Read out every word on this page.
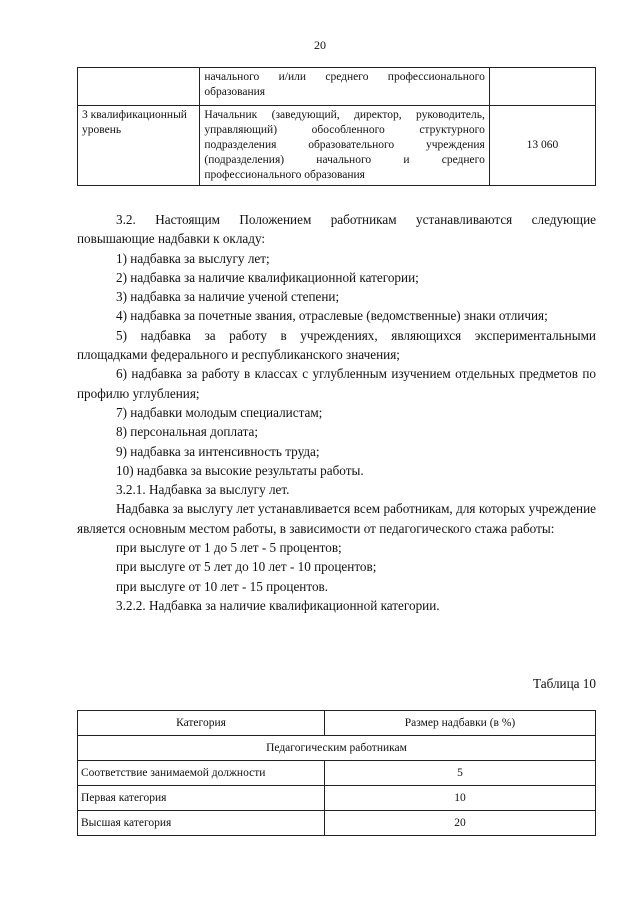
20
	начального и/или среднего профессионального образования	
3 квалификационный уровень	Начальник (заведующий, директор, руководитель, управляющий) обособленного структурного подразделения образовательного учреждения (подразделения) начального и среднего профессионального образования	13 060

3.2. Настоящим Положением работникам устанавливаются следующие повышающие надбавки к окладу:

1) надбавка за выслугу лет;

2) надбавка за наличие квалификационной категории;

3) надбавка за наличие ученой степени;

4) надбавка за почетные звания, отраслевые (ведомственные) знаки отличия;

5) надбавка за работу в учреждениях, являющихся экспериментальными площадками федерального и республиканского значения;

6) надбавка за работу в классах с углубленным изучением отдельных предметов по профилю углубления;

7) надбавки молодым специалистам;

8) персональная доплата;

9) надбавка за интенсивность труда;

10) надбавка за высокие результаты работы.

3.2.1. Надбавка за выслугу лет.

Надбавка за выслугу лет устанавливается всем работникам, для которых учреждение является основным местом работы, в зависимости от педагогического стажа работы:

при выслуге от 1 до 5 лет - 5 процентов;

при выслуге от 5 лет до 10 лет - 10 процентов;

при выслуге от 10 лет - 15 процентов.

3.2.2. Надбавка за наличие квалификационной категории.

Таблица 10
Категория	Размер надбавки (в %)
Педагогическим работникам	
Соответствие занимаемой должности	5
Первая категория	10
Высшая категория	20
